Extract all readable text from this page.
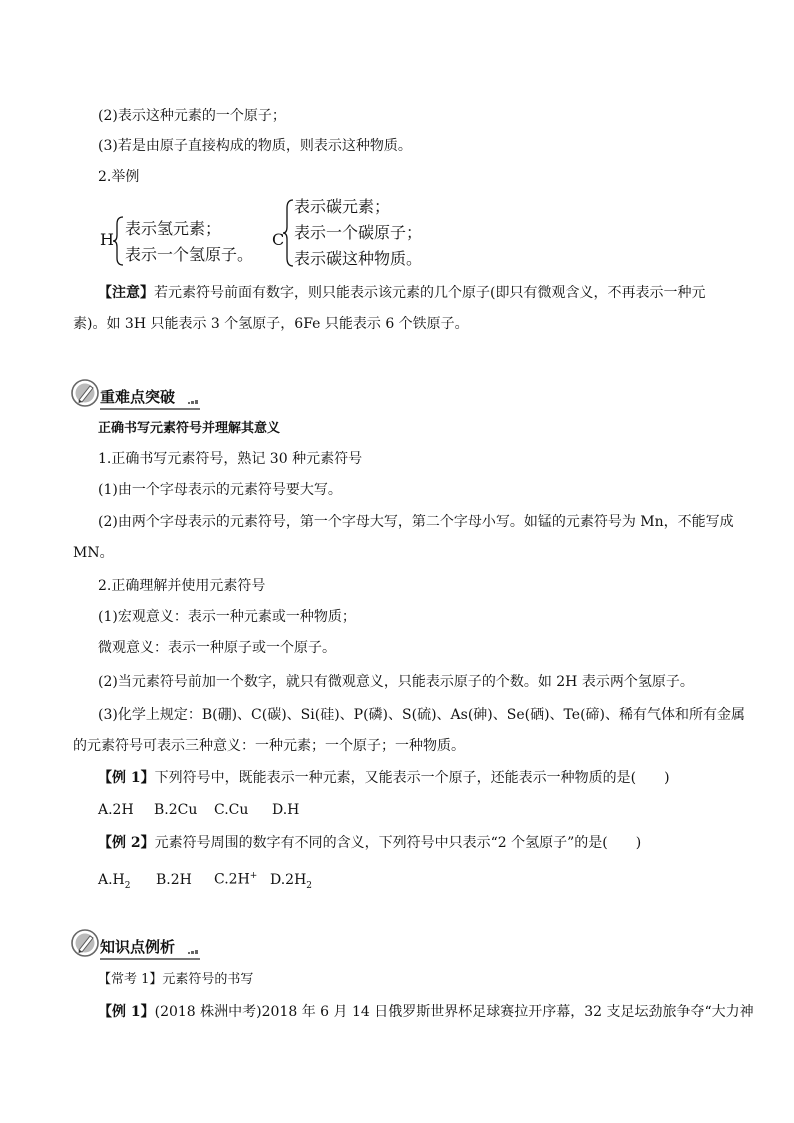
(2)表示这种元素的一个原子；
(3)若是由原子直接构成的物质，则表示这种物质。
2.举例
H
表示氢元素；
表示一个氢原子。
C
表示碳元素；
表示一个碳原子；
表示碳这种物质。
【注意】若元素符号前面有数字，则只能表示该元素的几个原子(即只有微观含义，不再表示一种元
素)。如 3H 只能表示 3 个氢原子，6Fe 只能表示 6 个铁原子。
重难点突破
正确书写元素符号并理解其意义
1.正确书写元素符号，熟记 30 种元素符号
(1)由一个字母表示的元素符号要大写。
(2)由两个字母表示的元素符号，第一个字母大写，第二个字母小写。如锰的元素符号为 Mn，不能写成
MN。
2.正确理解并使用元素符号
(1)宏观意义：表示一种元素或一种物质；
微观意义：表示一种原子或一个原子。
(2)当元素符号前加一个数字，就只有微观意义，只能表示原子的个数。如 2H 表示两个氢原子。
(3)化学上规定：B(硼)、C(碳)、Si(硅)、P(磷)、S(硫)、As(砷)、Se(硒)、Te(碲)、稀有气体和所有金属
的元素符号可表示三种意义：一种元素；一个原子；一种物质。
【例 1】下列符号中，既能表示一种元素，又能表示一个原子，还能表示一种物质的是(　　)
A.2H B.2Cu C.Cu D.H
【例 2】元素符号周围的数字有不同的含义，下列符号中只表示“2 个氢原子”的是(　　)
$A.H_2$ B.2H C.2H+ $D.2H_2$
知识点例析
【常考 1】元素符号的书写
【例 1】(2018 株洲中考)2018 年 6 月 14 日俄罗斯世界杯足球赛拉开序幕，32 支足坛劲旅争夺“大力神
